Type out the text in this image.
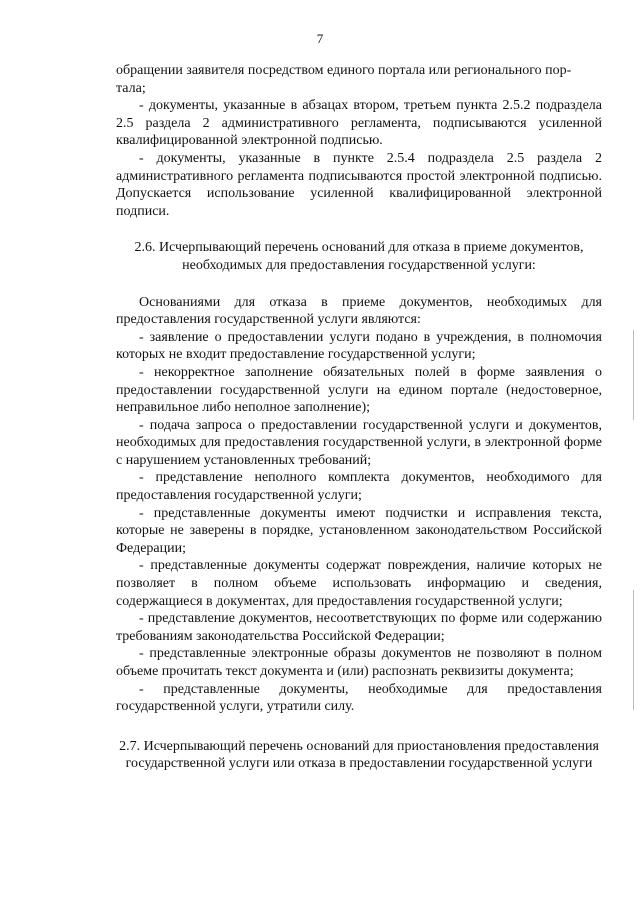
7

обращении заявителя посредством единого портала или регионального пор-

тала;

- документы, указанные в абзацах втором, третьем пункта 2.5.2 подраздела 2.5 раздела 2 административного регламента, подписываются усиленной квалифицированной электронной подписью.

- документы, указанные в пункте 2.5.4 подраздела 2.5 раздела 2 административного регламента подписываются простой электронной подписью. Допускается использование усиленной квалифицированной электронной подписи.

2.6. Исчерпывающий перечень оснований для отказа в приеме документов, необходимых для предоставления государственной услуги:

Основаниями для отказа в приеме документов, необходимых для предоставления государственной услуги являются:

- заявление о предоставлении услуги подано в учреждения, в полномочия которых не входит предоставление государственной услуги;

- некорректное заполнение обязательных полей в форме заявления о предоставлении государственной услуги на едином портале (недостоверное, неправильное либо неполное заполнение);

- подача запроса о предоставлении государственной услуги и документов, необходимых для предоставления государственной услуги, в электронной форме с нарушением установленных требований;

- представление неполного комплекта документов, необходимого для предоставления государственной услуги;

- представленные документы имеют подчистки и исправления текста, которые не заверены в порядке, установленном законодательством Российской Федерации;

- представленные документы содержат повреждения, наличие которых не позволяет в полном объеме использовать информацию и сведения, содержащиеся в документах, для предоставления государственной услуги;

- представление документов, несоответствующих по форме или содержанию требованиям законодательства Российской Федерации;

- представленные электронные образы документов не позволяют в полном объеме прочитать текст документа и (или) распознать реквизиты документа;

- представленные документы, необходимые для предоставления государственной услуги, утратили силу.

2.7. Исчерпывающий перечень оснований для приостановления предоставления государственной услуги или отказа в предоставлении государственной услуги
